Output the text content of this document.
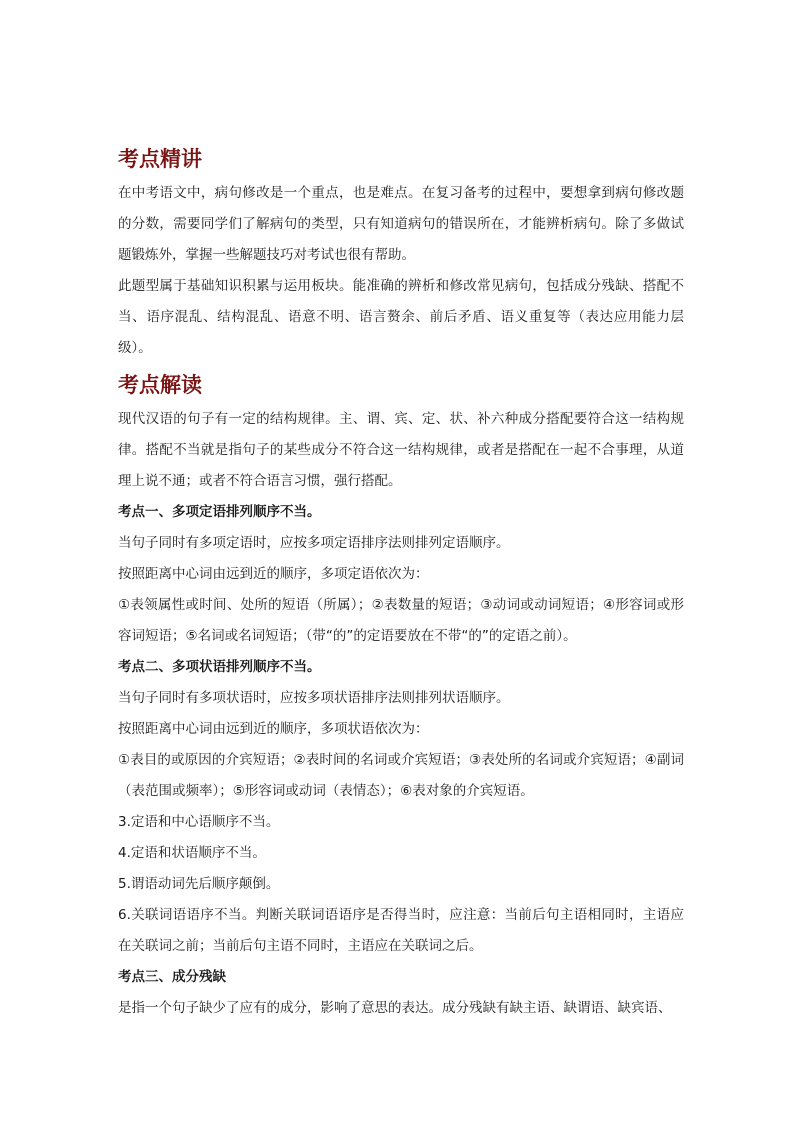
考点精讲

在中考语文中，病句修改是一个重点，也是难点。在复习备考的过程中，要想拿到病句修改题的分数，需要同学们了解病句的类型，只有知道病句的错误所在，才能辨析病句。除了多做试题锻炼外，掌握一些解题技巧对考试也很有帮助。

此题型属于基础知识积累与运用板块。能准确的辨析和修改常见病句，包括成分残缺、搭配不当、语序混乱、结构混乱、语意不明、语言赘余、前后矛盾、语义重复等（表达应用能力层级）。

考点解读

现代汉语的句子有一定的结构规律。主、谓、宾、定、状、补六种成分搭配要符合这一结构规律。搭配不当就是指句子的某些成分不符合这一结构规律，或者是搭配在一起不合事理，从道理上说不通；或者不符合语言习惯，强行搭配。

考点一、多项定语排列顺序不当。

当句子同时有多项定语时，应按多项定语排序法则排列定语顺序。

按照距离中心词由远到近的顺序，多项定语依次为：

①表领属性或时间、处所的短语（所属）；②表数量的短语；③动词或动词短语；④形容词或形容词短语；⑤名词或名词短语；（带“的”的定语要放在不带“的”的定语之前）。

考点二、多项状语排列顺序不当。

当句子同时有多项状语时，应按多项状语排序法则排列状语顺序。

按照距离中心词由远到近的顺序，多项状语依次为：

①表目的或原因的介宾短语；②表时间的名词或介宾短语；③表处所的名词或介宾短语；④副词（表范围或频率）；⑤形容词或动词（表情态）；⑥表对象的介宾短语。

3.定语和中心语顺序不当。

4.定语和状语顺序不当。

5.谓语动词先后顺序颠倒。

6.关联词语语序不当。判断关联词语语序是否得当时，应注意：当前后句主语相同时，主语应在关联词之前；当前后句主语不同时，主语应在关联词之后。

考点三、成分残缺

是指一个句子缺少了应有的成分，影响了意思的表达。成分残缺有缺主语、缺谓语、缺宾语、
